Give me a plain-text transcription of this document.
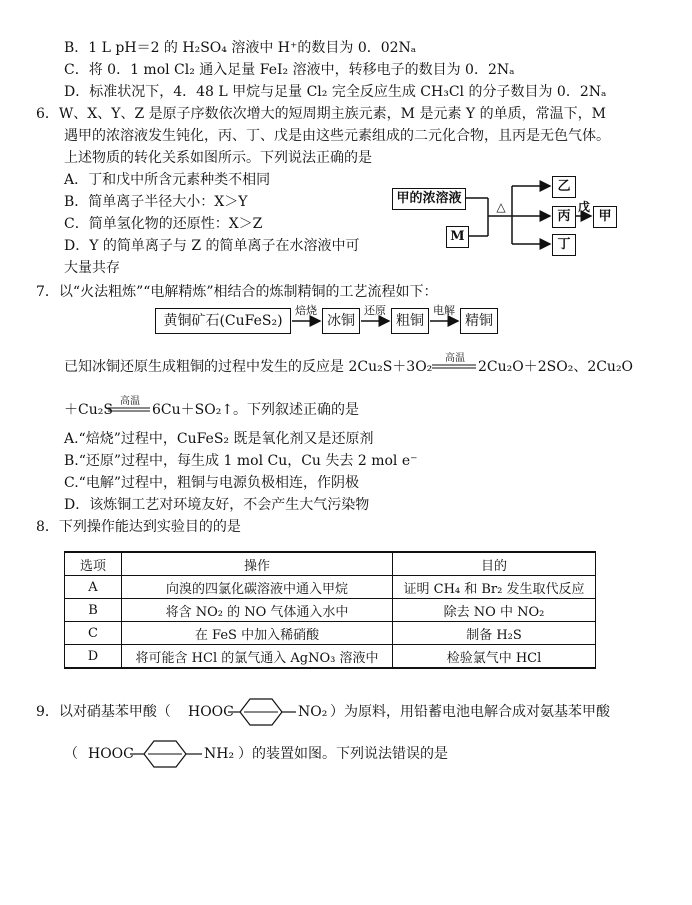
B．1 L pH＝2 的 H₂SO₄ 溶液中 H⁺的数目为 0．02Nₐ
C．将 0．1 mol Cl₂ 通入足量 FeI₂ 溶液中，转移电子的数目为 0．2Nₐ
D．标准状况下，4．48 L 甲烷与足量 Cl₂ 完全反应生成 CH₃Cl 的分子数目为 0．2Nₐ
6．W、X、Y、Z 是原子序数依次增大的短周期主族元素，M 是元素 Y 的单质，常温下，M
遇甲的浓溶液发生钝化，丙、丁、戊是由这些元素组成的二元化合物，且丙是无色气体。
上述物质的转化关系如图所示。下列说法正确的是
A．丁和戊中所含元素种类不相同
B．简单离子半径大小：X＞Y
C．简单氢化物的还原性：X＞Z
D．Y 的简单离子与 Z 的简单离子在水溶液中可
大量共存
甲的浓溶液
M
△
乙
丙
丁
戊
甲
7．以“火法粗炼”“电解精炼”相结合的炼制精铜的工艺流程如下：
黄铜矿石(CuFeS₂)
焙烧
冰铜
还原
粗铜
电解
精铜
已知冰铜还原生成粗铜的过程中发生的反应是 2Cu₂S＋3O₂
高温
2Cu₂O＋2SO₂、2Cu₂O
＋Cu₂S
高温
6Cu＋SO₂↑。下列叙述正确的是
A.“焙烧”过程中，CuFeS₂ 既是氧化剂又是还原剂
B.“还原”过程中，每生成 1 mol Cu，Cu 失去 2 mol e⁻
C.“电解”过程中，粗铜与电源负极相连，作阴极
D．该炼铜工艺对环境友好，不会产生大气污染物
8．下列操作能达到实验目的的是
选项	操作	目的
A	向溴的四氯化碳溶液中通入甲烷	证明 CH₄ 和 Br₂ 发生取代反应
B	将含 NO₂ 的 NO 气体通入水中	除去 NO 中 NO₂
C	在 FeS 中加入稀硝酸	制备 H₂S
D	将可能含 HCl 的氯气通入 AgNO₃ 溶液中	检验氯气中 HCl
9．以对硝基苯甲酸（ HOOC	NO₂ ）为原料，用铅蓄电池电解合成对氨基苯甲酸
（ HOOC	NH₂ ）的装置如图。下列说法错误的是
